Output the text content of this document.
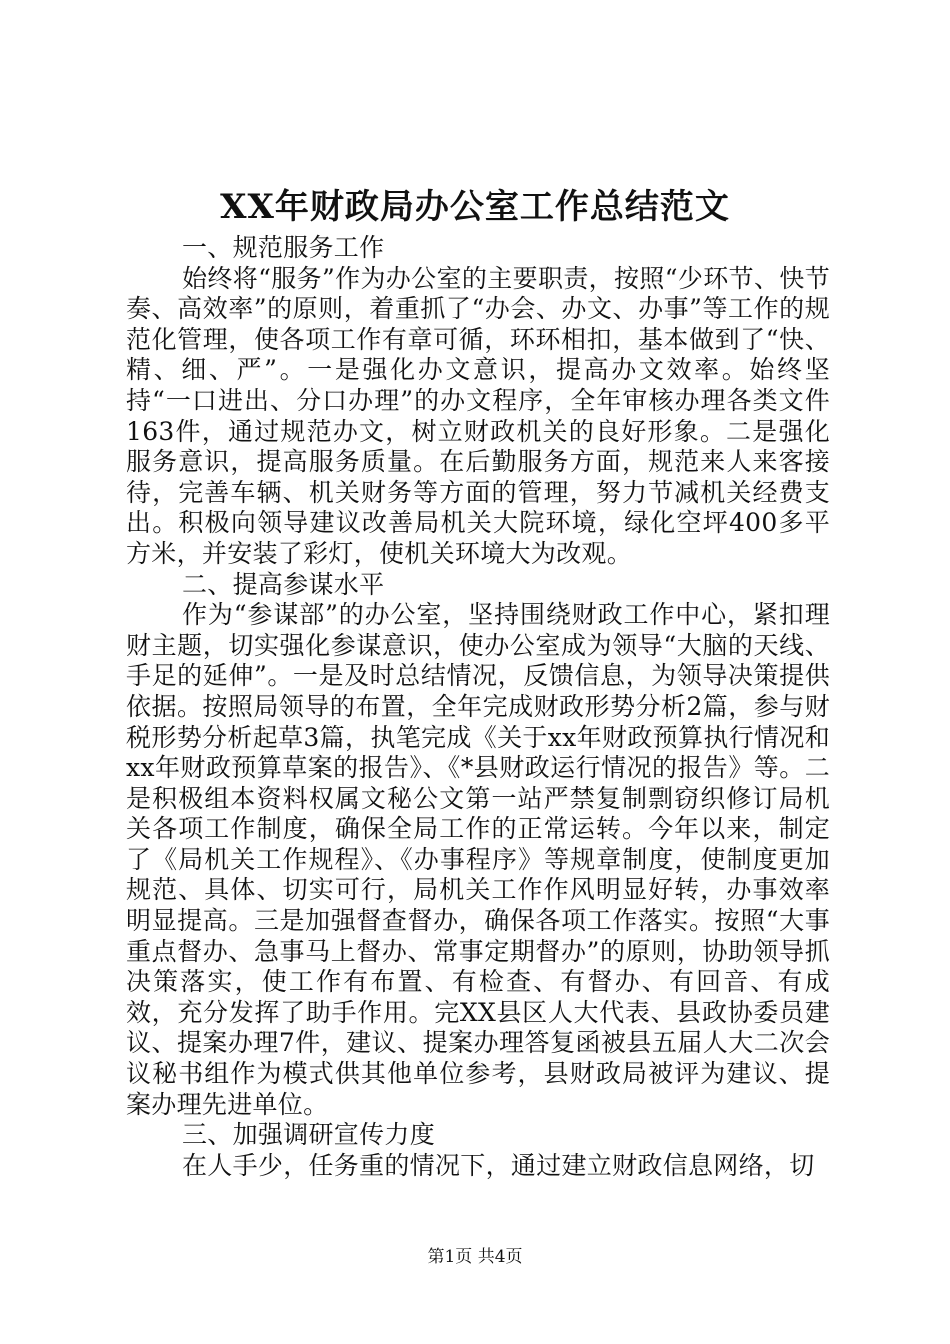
XX年财政局办公室工作总结范文

一、规范服务工作

始终将“服务”作为办公室的主要职责，按照“少环节、快节奏、高效率”的原则，着重抓了“办会、办文、办事”等工作的规范化管理，使各项工作有章可循，环环相扣，基本做到了“快、精、细、严”。一是强化办文意识，提高办文效率。始终坚持“一口进出、分口办理”的办文程序，全年审核办理各类文件163件，通过规范办文，树立财政机关的良好形象。二是强化服务意识，提高服务质量。在后勤服务方面，规范来人来客接待，完善车辆、机关财务等方面的管理，努力节减机关经费支出。积极向领导建议改善局机关大院环境，绿化空坪400多平方米，并安装了彩灯，使机关环境大为改观。

二、提高参谋水平

作为“参谋部”的办公室，坚持围绕财政工作中心，紧扣理财主题，切实强化参谋意识，使办公室成为领导“大脑的天线、手足的延伸”。一是及时总结情况，反馈信息，为领导决策提供依据。按照局领导的布置，全年完成财政形势分析2篇，参与财税形势分析起草3篇，执笔完成《关于xx年财政预算执行情况和xx年财政预算草案的报告》、《*县财政运行情况的报告》等。二是积极组本资料权属文秘公文第一站严禁复制剽窃织修订局机关各项工作制度，确保全局工作的正常运转。今年以来，制定了《局机关工作规程》、《办事程序》等规章制度，使制度更加规范、具体、切实可行，局机关工作作风明显好转，办事效率明显提高。三是加强督查督办，确保各项工作落实。按照“大事重点督办、急事马上督办、常事定期督办”的原则，协助领导抓决策落实，使工作有布置、有检查、有督办、有回音、有成效，充分发挥了助手作用。完XX县区人大代表、县政协委员建议、提案办理7件，建议、提案办理答复函被县五届人大二次会议秘书组作为模式供其他单位参考，县财政局被评为建议、提案办理先进单位。

三、加强调研宣传力度

在人手少，任务重的情况下，通过建立财政信息网络，切

第1页 共4页
